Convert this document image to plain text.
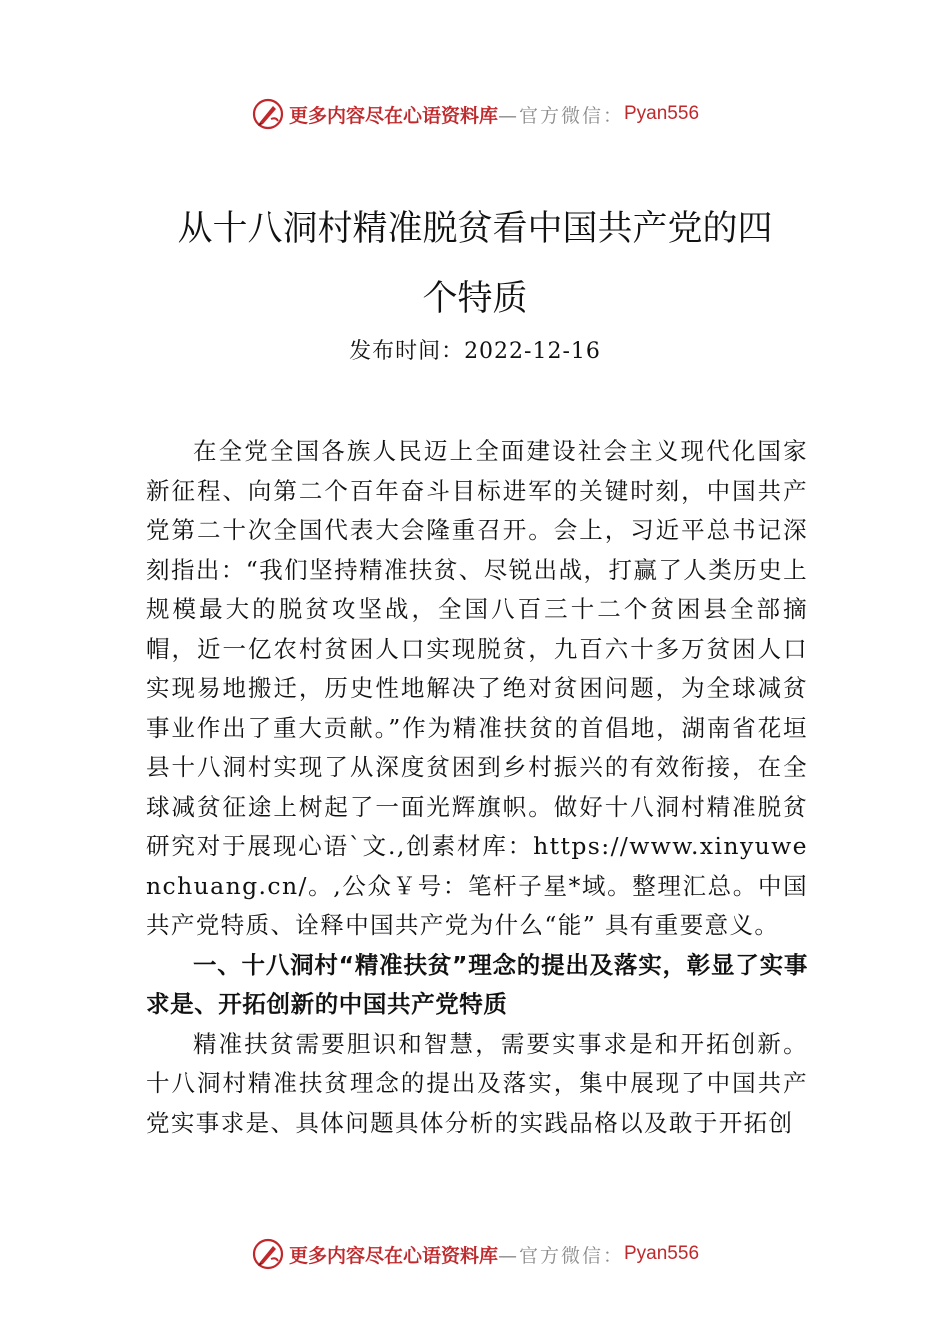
更多内容尽在心语资料库 —官方微信： Pyan556
从十八洞村精准脱贫看中国共产党的四
个特质
发布时间：2022-12-16

在全党全国各族人民迈上全面建设社会主义现代化国家新征程、向第二个百年奋斗目标进军的关键时刻，中国共产党第二十次全国代表大会隆重召开。会上，习近平总书记深刻指出：“我们坚持精准扶贫、尽锐出战，打赢了人类历史上规模最大的脱贫攻坚战，全国八百三十二个贫困县全部摘帽，近一亿农村贫困人口实现脱贫，九百六十多万贫困人口实现易地搬迁，历史性地解决了绝对贫困问题，为全球减贫事业作出了重大贡献。”作为精准扶贫的首倡地，湖南省花垣县十八洞村实现了从深度贫困到乡村振兴的有效衔接，在全球减贫征途上树起了一面光辉旗帜。做好十八洞村精准脱贫研究对于展现心语`文.,创素材库：https://www.xinyuwenchuang.cn/。,公众￥号：笔杆子星*域。整理汇总。中国共产党特质、诠释中国共产党为什么“能” 具有重要意义。

一、十八洞村“精准扶贫”理念的提出及落实，彰显了实事求是、开拓创新的中国共产党特质

精准扶贫需要胆识和智慧，需要实事求是和开拓创新。十八洞村精准扶贫理念的提出及落实，集中展现了中国共产党实事求是、具体问题具体分析的实践品格以及敢于开拓创

更多内容尽在心语资料库 —官方微信： Pyan556
